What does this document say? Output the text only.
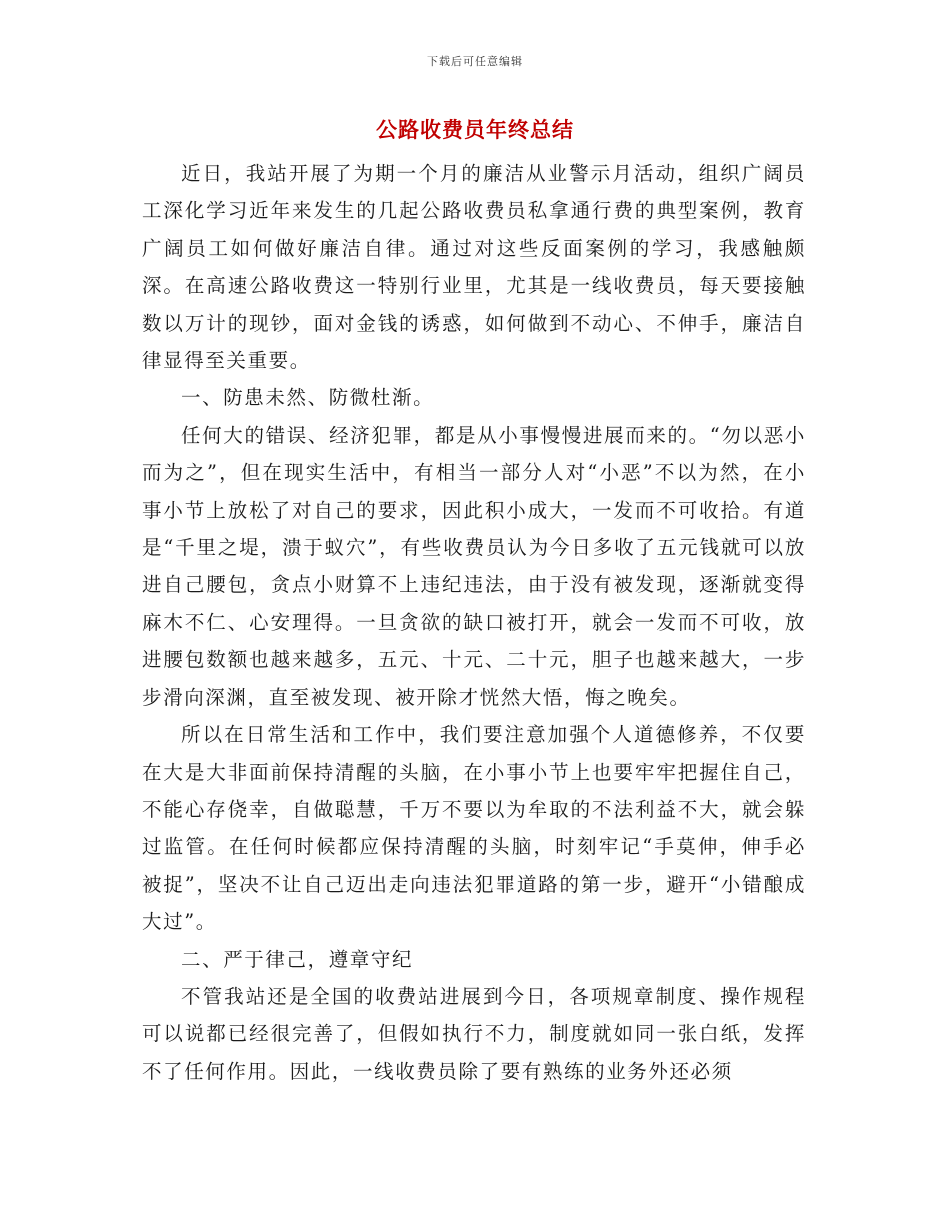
下载后可任意编辑
公路收费员年终总结

近日，我站开展了为期一个月的廉洁从业警示月活动，组织广阔员工深化学习近年来发生的几起公路收费员私拿通行费的典型案例，教育广阔员工如何做好廉洁自律。通过对这些反面案例的学习，我感触颇深。在高速公路收费这一特别行业里，尤其是一线收费员，每天要接触数以万计的现钞，面对金钱的诱惑，如何做到不动心、不伸手，廉洁自律显得至关重要。

一、防患未然、防微杜渐。

任何大的错误、经济犯罪，都是从小事慢慢进展而来的。“勿以恶小而为之”，但在现实生活中，有相当一部分人对“小恶”不以为然，在小事小节上放松了对自己的要求，因此积小成大，一发而不可收拾。有道是“千里之堤，溃于蚁穴”，有些收费员认为今日多收了五元钱就可以放进自己腰包，贪点小财算不上违纪违法，由于没有被发现，逐渐就变得麻木不仁、心安理得。一旦贪欲的缺口被打开，就会一发而不可收，放进腰包数额也越来越多，五元、十元、二十元，胆子也越来越大，一步步滑向深渊，直至被发现、被开除才恍然大悟，悔之晚矣。

所以在日常生活和工作中，我们要注意加强个人道德修养，不仅要在大是大非面前保持清醒的头脑，在小事小节上也要牢牢把握住自己，不能心存侥幸，自做聪慧，千万不要以为牟取的不法利益不大，就会躲过监管。在任何时候都应保持清醒的头脑，时刻牢记“手莫伸，伸手必被捉”，坚决不让自己迈出走向违法犯罪道路的第一步，避开“小错酿成大过”。

二、严于律己，遵章守纪

不管我站还是全国的收费站进展到今日，各项规章制度、操作规程可以说都已经很完善了，但假如执行不力，制度就如同一张白纸，发挥不了任何作用。因此，一线收费员除了要有熟练的业务外还必须
